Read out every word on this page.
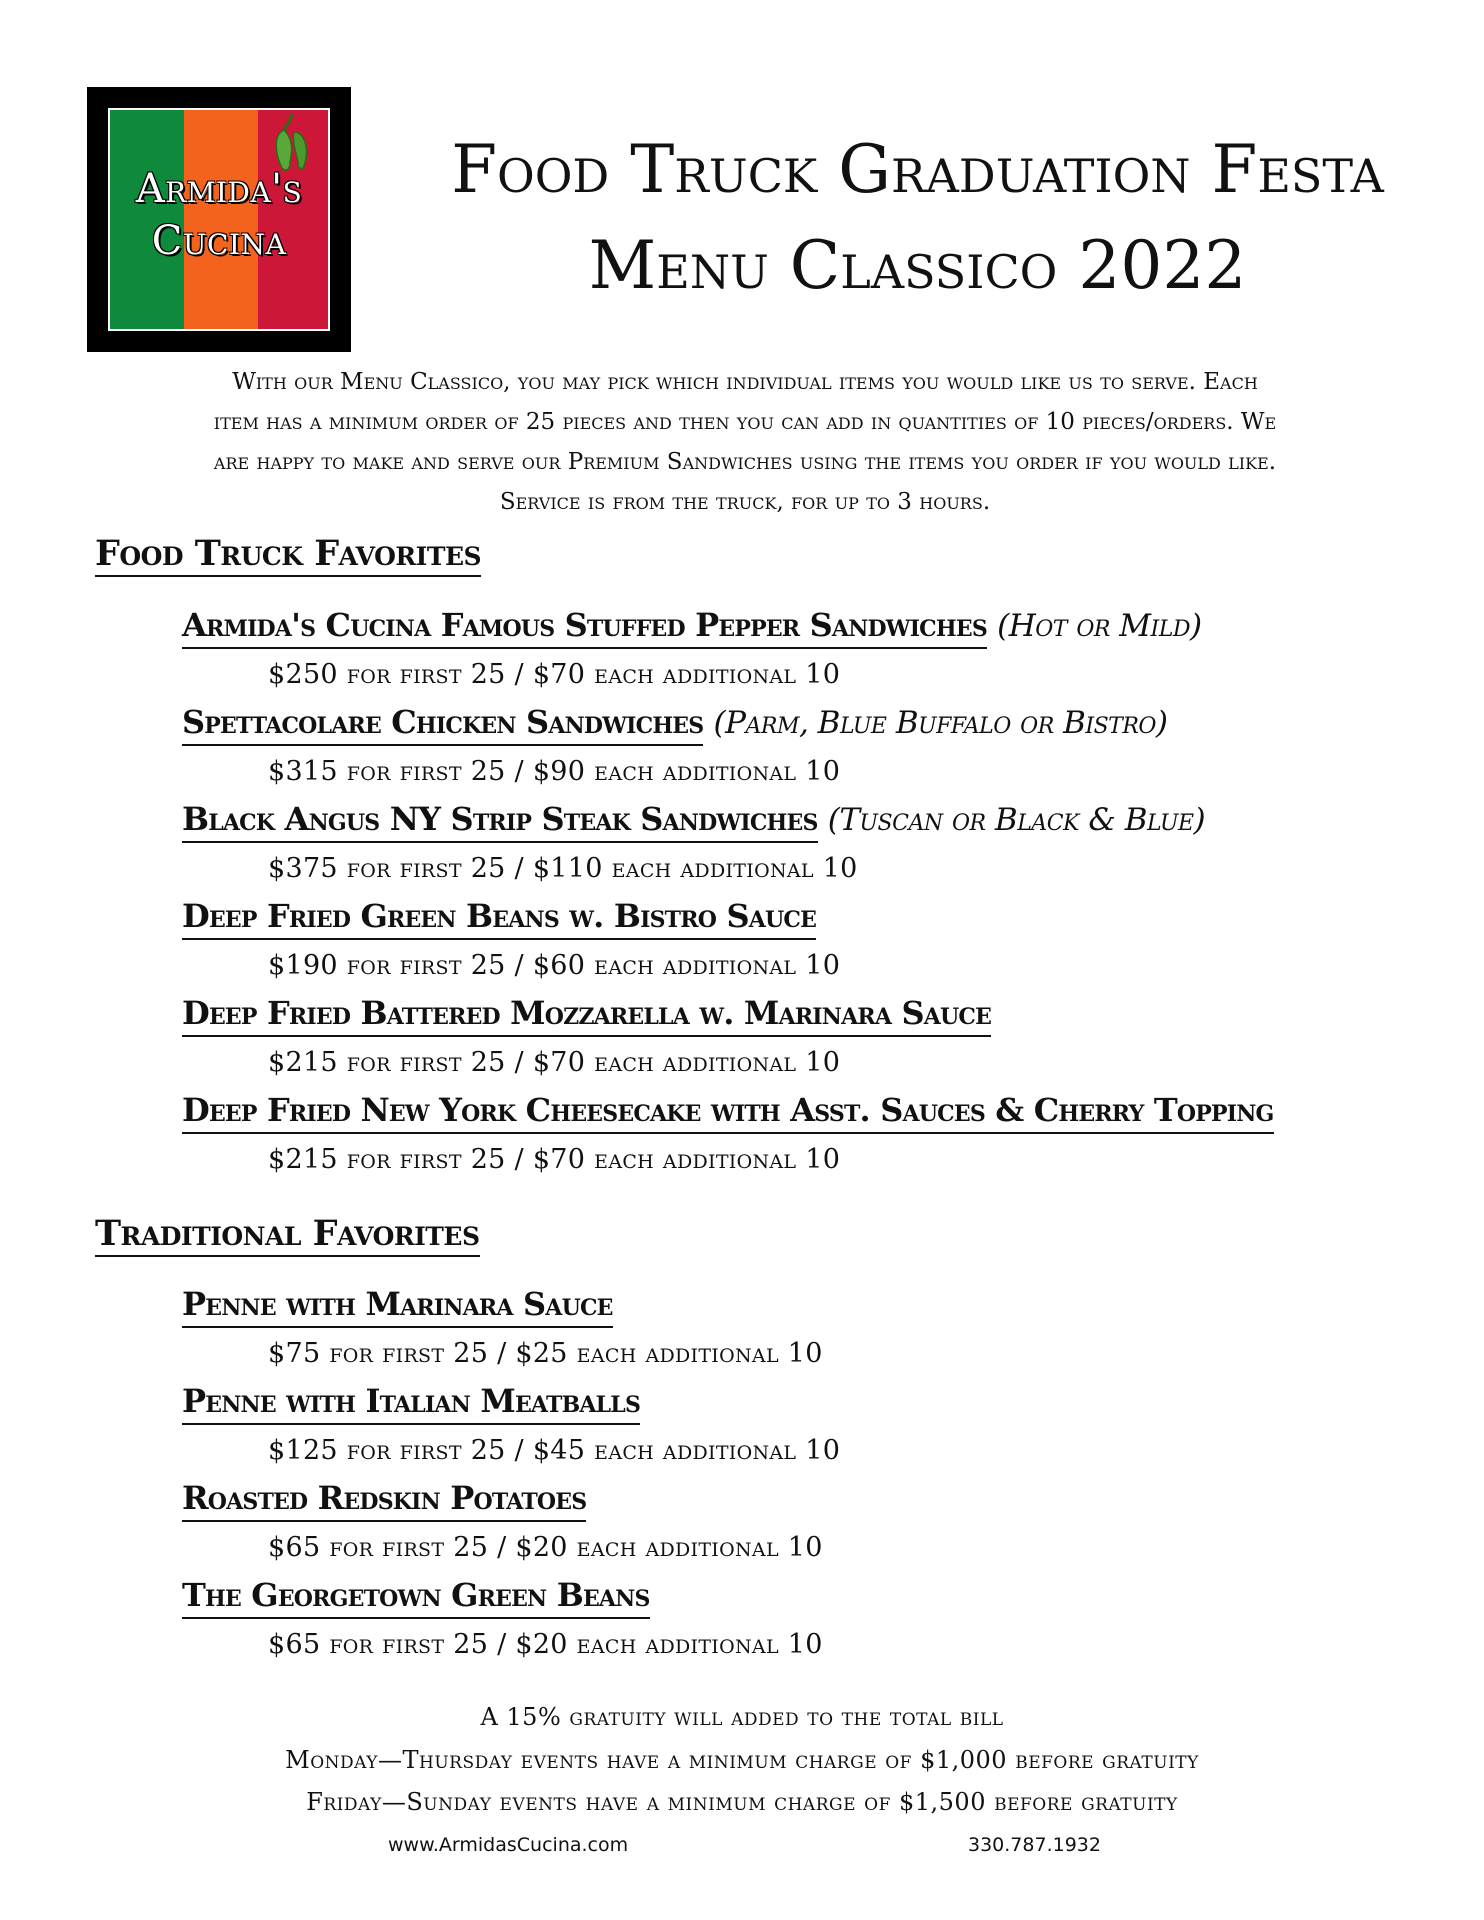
Armida's
Cucina
Food Truck Graduation Festa
Menu Classico 2022
With our Menu Classico, you may pick which individual items you would like us to serve. Each
item has a minimum order of 25 pieces and then you can add in quantities of 10 pieces/orders. We
are happy to make and serve our Premium Sandwiches using the items you order if you would like.
Service is from the truck, for up to 3 hours.
Food Truck Favorites
Armida's Cucina Famous Stuffed Pepper Sandwiches (Hot or Mild)
$250 for first 25 / $70 each additional 10
Spettacolare Chicken Sandwiches (Parm, Blue Buffalo or Bistro)
$315 for first 25 / $90 each additional 10
Black Angus NY Strip Steak Sandwiches (Tuscan or Black & Blue)
$375 for first 25 / $110 each additional 10
Deep Fried Green Beans w. Bistro Sauce
$190 for first 25 / $60 each additional 10
Deep Fried Battered Mozzarella w. Marinara Sauce
$215 for first 25 / $70 each additional 10
Deep Fried New York Cheesecake with Asst. Sauces & Cherry Topping
$215 for first 25 / $70 each additional 10
Traditional Favorites
Penne with Marinara Sauce
$75 for first 25 / $25 each additional 10
Penne with Italian Meatballs
$125 for first 25 / $45 each additional 10
Roasted Redskin Potatoes
$65 for first 25 / $20 each additional 10
The Georgetown Green Beans
$65 for first 25 / $20 each additional 10
A 15% gratuity will added to the total bill
Monday—Thursday events have a minimum charge of $1,000 before gratuity
Friday—Sunday events have a minimum charge of $1,500 before gratuity
www.ArmidasCucina.com	330.787.1932
